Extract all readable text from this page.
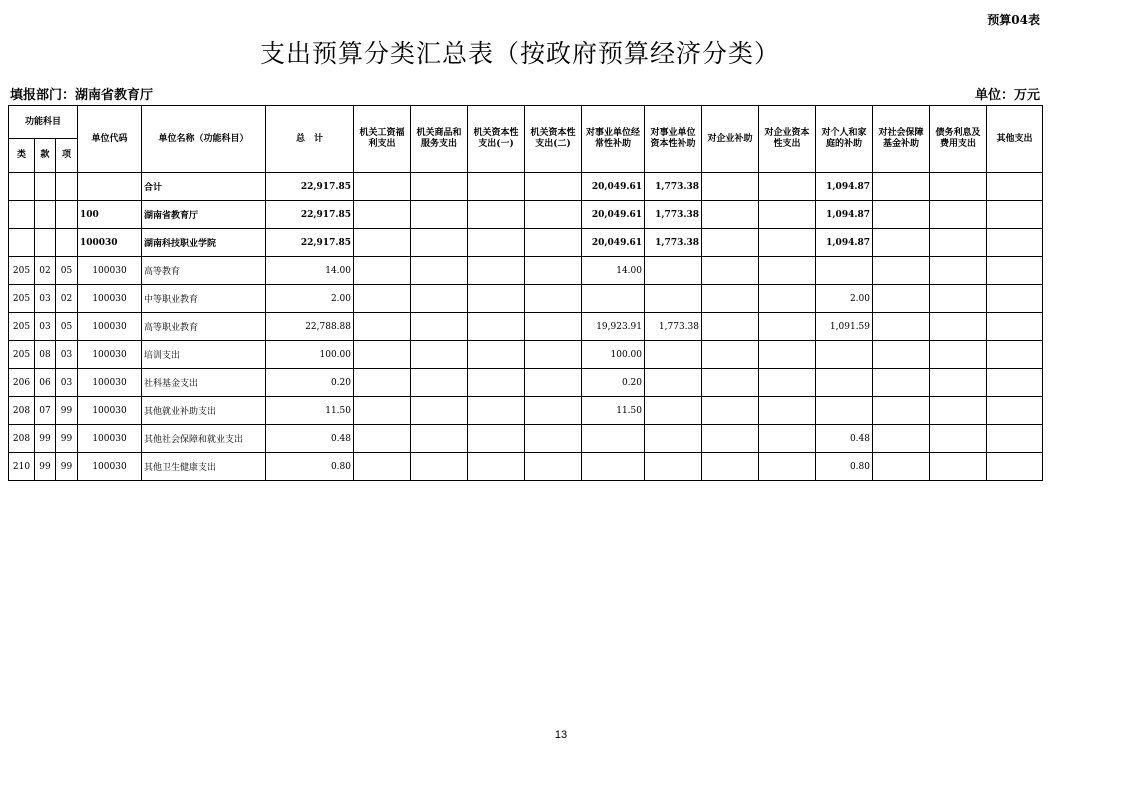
预算04表
支出预算分类汇总表（按政府预算经济分类）
填报部门：湖南省教育厅	单位：万元
功能科目			单位代码	单位名称（功能科目）	总　计	机关工资福利支出	机关商品和服务支出	机关资本性支出(一)	机关资本性支出(二)	对事业单位经常性补助	对事业单位资本性补助	对企业补助	对企业资本性支出	对个人和家庭的补助	对社会保障基金补助	债务利息及费用支出	其他支出
类	款	项															
				合计	22,917.85					20,049.61	1,773.38			1,094.87			
			100	湖南省教育厅	22,917.85					20,049.61	1,773.38			1,094.87			
			100030	湖南科技职业学院	22,917.85					20,049.61	1,773.38			1,094.87			
205	02	05	100030	高等教育	14.00					14.00							
205	03	02	100030	中等职业教育	2.00									2.00			
205	03	05	100030	高等职业教育	22,788.88					19,923.91	1,773.38			1,091.59			
205	08	03	100030	培训支出	100.00					100.00							
206	06	03	100030	社科基金支出	0.20					0.20							
208	07	99	100030	其他就业补助支出	11.50					11.50							
208	99	99	100030	其他社会保障和就业支出	0.48									0.48			
210	99	99	100030	其他卫生健康支出	0.80									0.80			
13
